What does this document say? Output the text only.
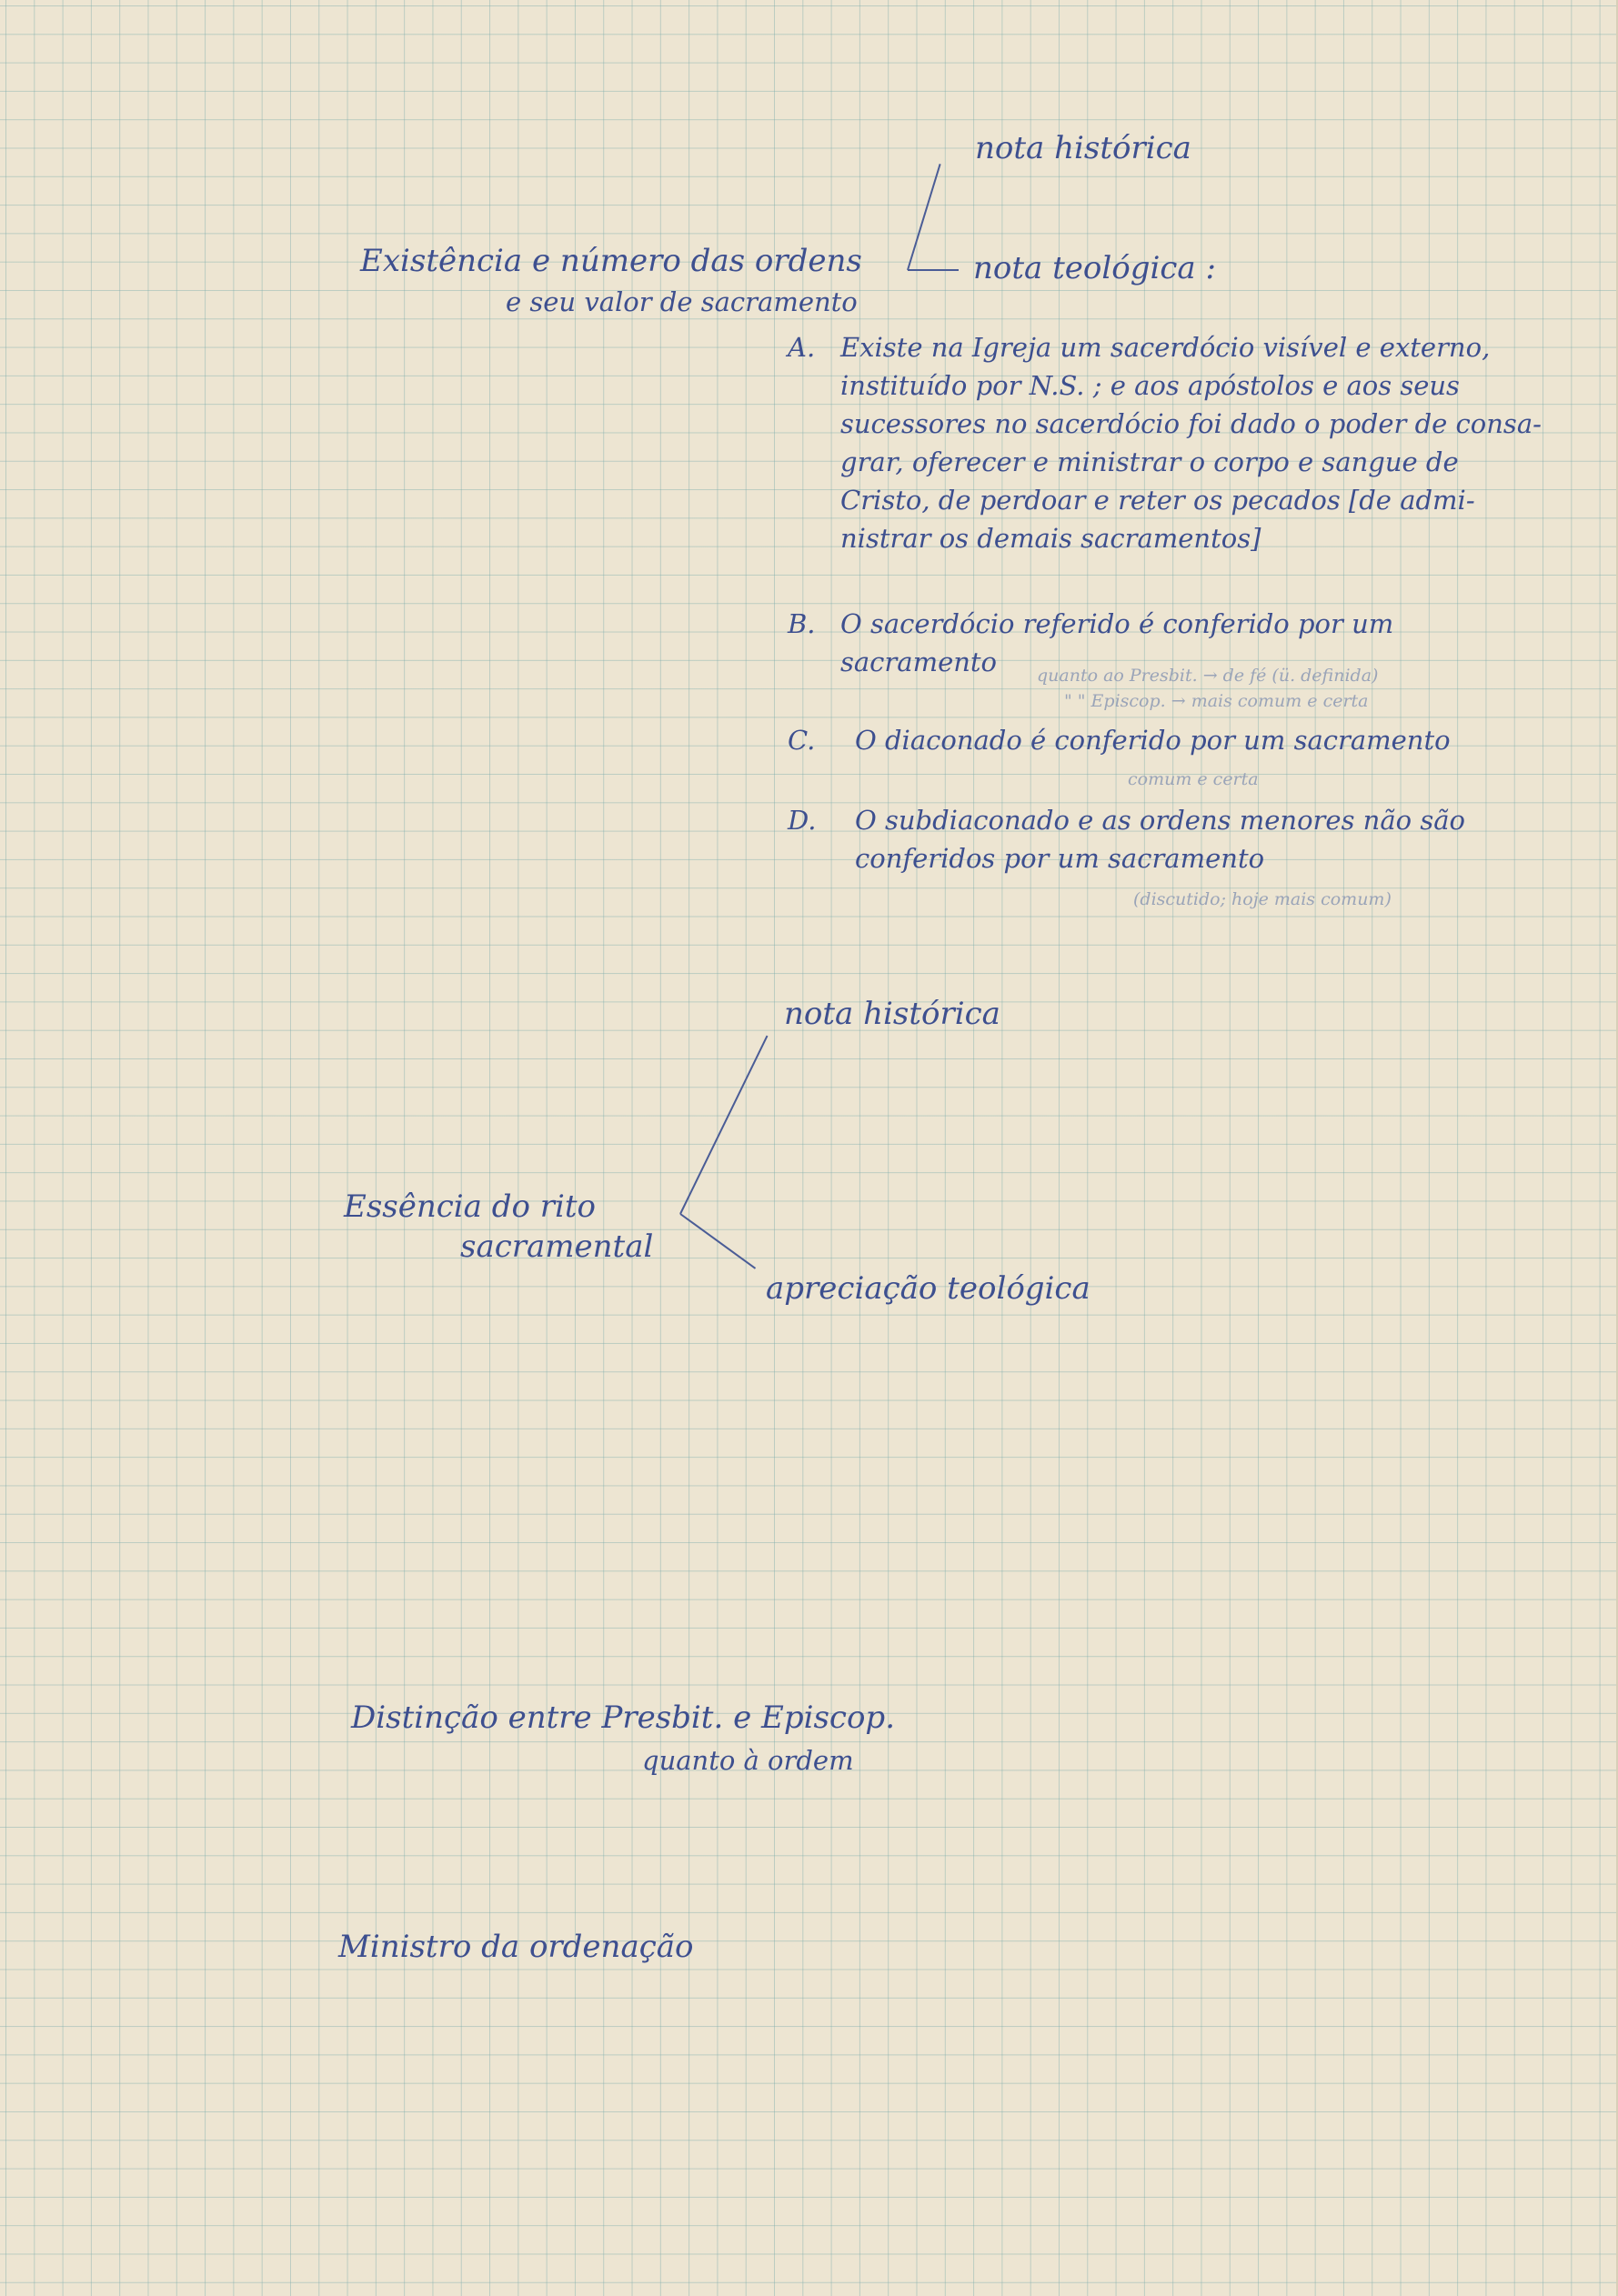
nota histórica

Existência e número das ordens	nota teológica :

e seu valor de sacramento

A. Existe na Igreja um sacerdócio visível e externo,

instituído por N.S. ; e aos apóstolos e aos seus

sucessores no sacerdócio foi dado o poder de consa-

grar, oferecer e ministrar o corpo e sangue de

Cristo, de perdoar e reter os pecados [de admi-

nistrar os demais sacramentos]

B. O sacerdócio referido é conferido por um

sacramento quanto ao Presbit. → de fé (ü. definida)

" " Episcop. → mais comum e certa

C. O diaconado é conferido por um sacramento

comum e certa

D. O subdiaconado e as ordens menores não são

conferidos por um sacramento

(discutido; hoje mais comum)

nota histórica

Essência do rito

sacramental

apreciação teológica

Distinção entre Presbit. e Episcop.

quanto à ordem

Ministro da ordenação
